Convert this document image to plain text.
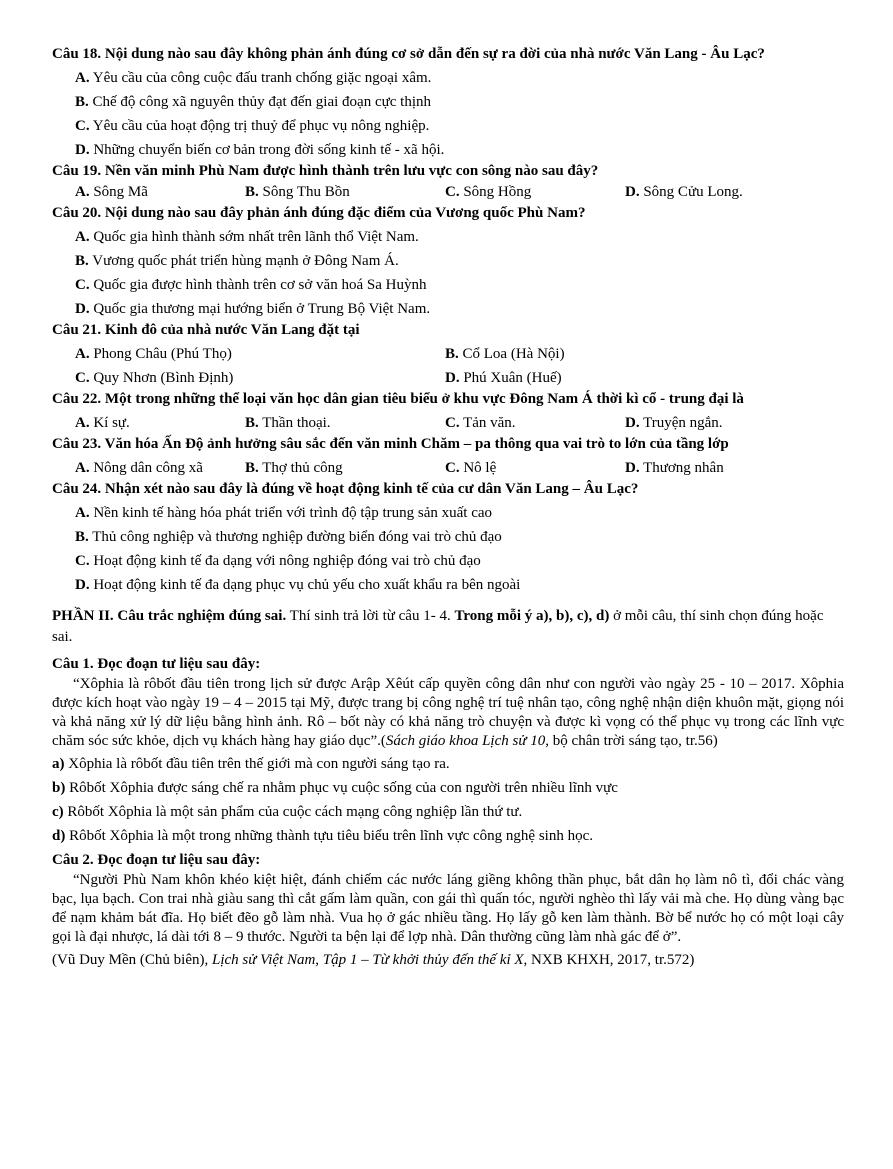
Câu 18. Nội dung nào sau đây không phản ánh đúng cơ sở dẫn đến sự ra đời của nhà nước Văn Lang - Âu Lạc?

A. Yêu cầu của công cuộc đấu tranh chống giặc ngoại xâm.

B. Chế độ công xã nguyên thủy đạt đến giai đoạn cực thịnh

C. Yêu cầu của hoạt động trị thuỷ để phục vụ nông nghiệp.

D. Những chuyển biến cơ bản trong đời sống kinh tế - xã hội.

Câu 19. Nền văn minh Phù Nam được hình thành trên lưu vực con sông nào sau đây?

A. Sông Mã	B. Sông Thu Bồn	C. Sông Hồng	D. Sông Cửu Long.

Câu 20. Nội dung nào sau đây phản ánh đúng đặc điểm của Vương quốc Phù Nam?

A. Quốc gia hình thành sớm nhất trên lãnh thổ Việt Nam.

B. Vương quốc phát triển hùng mạnh ở Đông Nam Á.

C. Quốc gia được hình thành trên cơ sở văn hoá Sa Huỳnh

D. Quốc gia thương mại hướng biển ở Trung Bộ Việt Nam.

Câu 21. Kinh đô của nhà nước Văn Lang đặt tại

A. Phong Châu (Phú Thọ)	B. Cổ Loa (Hà Nội)
C. Quy Nhơn (Bình Định)	D. Phú Xuân (Huế)

Câu 22. Một trong những thể loại văn học dân gian tiêu biểu ở khu vực Đông Nam Á thời kì cổ - trung đại là

A. Kí sự.	B. Thần thoại.	C. Tản văn.	D. Truyện ngắn.

Câu 23. Văn hóa Ấn Độ ảnh hưởng sâu sắc đến văn minh Chăm – pa thông qua vai trò to lớn của tầng lớp

A. Nông dân công xã	B. Thợ thủ công	C. Nô lệ	D. Thương nhân

Câu 24. Nhận xét nào sau đây là đúng về hoạt động kinh tế của cư dân Văn Lang – Âu Lạc?

A. Nền kinh tế hàng hóa phát triển với trình độ tập trung sản xuất cao

B. Thủ công nghiệp và thương nghiệp đường biển đóng vai trò chủ đạo

C. Hoạt động kinh tế đa dạng với nông nghiệp đóng vai trò chủ đạo

D. Hoạt động kinh tế đa dạng phục vụ chủ yếu cho xuất khẩu ra bên ngoài

PHẦN II. Câu trắc nghiệm đúng sai. Thí sinh trả lời từ câu 1- 4. Trong mỗi ý a), b), c), d) ở mỗi câu, thí sinh chọn đúng hoặc sai.

Câu 1. Đọc đoạn tư liệu sau đây:

“Xôphia là rôbốt đầu tiên trong lịch sử được Arập Xêút cấp quyền công dân như con người vào ngày 25 - 10 – 2017. Xôphia được kích hoạt vào ngày 19 – 4 – 2015 tại Mỹ, được trang bị công nghệ trí tuệ nhân tạo, công nghệ nhận diện khuôn mặt, giọng nói và khả năng xử lý dữ liệu bằng hình ảnh. Rô – bốt này có khả năng trò chuyện và được kì vọng có thể phục vụ trong các lĩnh vực chăm sóc sức khỏe, dịch vụ khách hàng hay giáo dục”.(Sách giáo khoa Lịch sử 10, bộ chân trời sáng tạo, tr.56)

a) Xôphia là rôbốt đầu tiên trên thế giới mà con người sáng tạo ra.

b) Rôbốt Xôphia được sáng chế ra nhằm phục vụ cuộc sống của con người trên nhiều lĩnh vực

c) Rôbốt Xôphia là một sản phẩm của cuộc cách mạng công nghiệp lần thứ tư.

d) Rôbốt Xôphia là một trong những thành tựu tiêu biểu trên lĩnh vực công nghệ sinh học.

Câu 2. Đọc đoạn tư liệu sau đây:

“Người Phù Nam khôn khéo kiệt hiệt, đánh chiếm các nước láng giềng không thần phục, bắt dân họ làm nô tì, đổi chác vàng bạc, lụa bạch. Con trai nhà giàu sang thì cắt gấm làm quần, con gái thì quấn tóc, người nghèo thì lấy vải mà che. Họ dùng vàng bạc để nạm khảm bát đĩa. Họ biết đẽo gỗ làm nhà. Vua họ ở gác nhiều tầng. Họ lấy gỗ ken làm thành. Bờ bể nước họ có một loại cây gọi là đại nhược, lá dài tới 8 – 9 thước. Người ta bện lại để lợp nhà. Dân thường cũng làm nhà gác để ở”.

(Vũ Duy Mền (Chủ biên), Lịch sử Việt Nam, Tập 1 – Từ khởi thủy đến thế kỉ X, NXB KHXH, 2017, tr.572)
